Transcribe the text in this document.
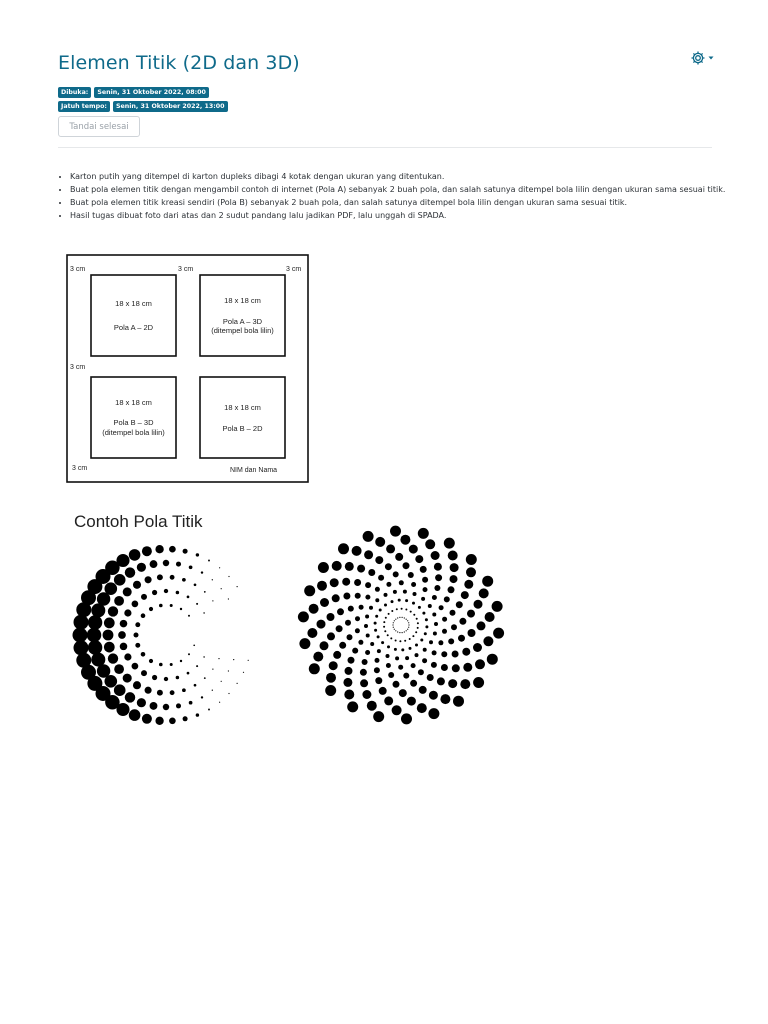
Elemen Titik (2D dan 3D)
Dibuka:	Senin, 31 Oktober 2022, 08:00
Jatuh tempo:	Senin, 31 Oktober 2022, 13:00
Tandai selesai
• Karton putih yang ditempel di karton dupleks dibagi 4 kotak dengan ukuran yang ditentukan.
• Buat pola elemen titik dengan mengambil contoh di internet (Pola A) sebanyak 2 buah pola, dan salah satunya ditempel bola lilin dengan ukuran sama sesuai titik.
• Buat pola elemen titik kreasi sendiri (Pola B) sebanyak 2 buah pola, dan salah satunya ditempel bola lilin dengan ukuran sama sesuai titik.
• Hasil tugas dibuat foto dari atas dan 2 sudut pandang lalu jadikan PDF, lalu unggah di SPADA.
3 cm	3 cm	3 cm
3 cm
3 cm
18 x 18 cm
Pola A – 2D
18 x 18 cm
Pola A – 3D
(ditempel bola lilin)
18 x 18 cm
Pola B – 3D
(ditempel bola lilin)
18 x 18 cm
Pola B – 2D
NIM dan Nama
Contoh Pola Titik
